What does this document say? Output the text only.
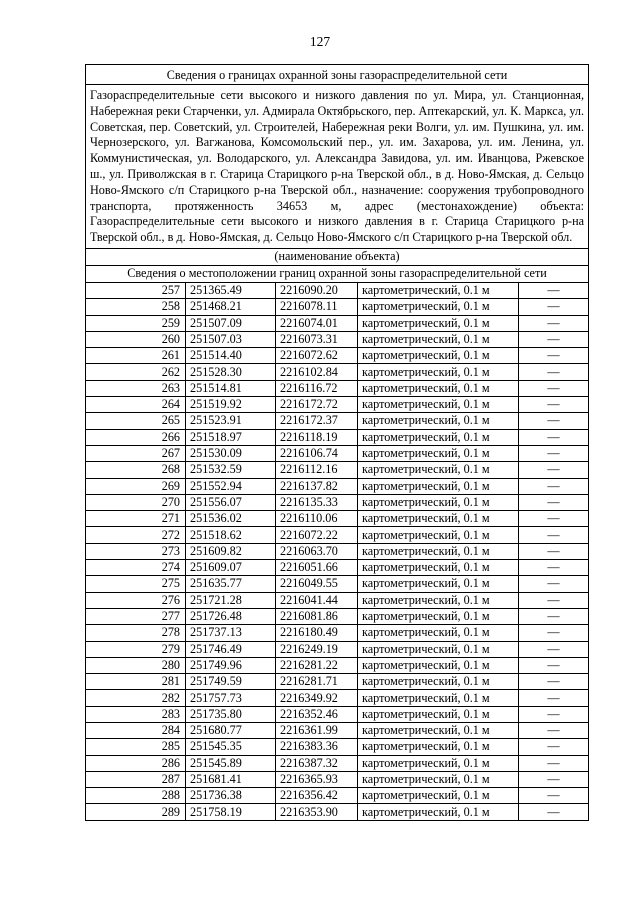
127
Сведения о границах охранной зоны газораспределительной сети				
Газораспределительные сети высокого и низкого давления по ул. Мира, ул. Станционная, Набережная реки Старченки, ул. Адмирала Октябрьского, пер. Аптекарский, ул. К. Маркса, ул. Советская, пер. Советский, ул. Строителей, Набережная реки Волги, ул. им. Пушкина, ул. им. Чернозерского, ул. Вагжанова, Комсомольский пер., ул. им. Захарова, ул. им. Ленина, ул. Коммунистическая, ул. Володарского, ул. Александра Завидова, ул. им. Иванцова, Ржевское ш., ул. Приволжская в г. Старица Старицкого р-на Тверской обл., в д. Ново-Ямская, д. Сельцо Ново-Ямского с/п Старицкого р-на Тверской обл., назначение: сооружения трубопроводного транспорта, протяженность 34653 м, адрес (местонахождение) объекта: Газораспределительные сети высокого и низкого давления в г. Старица Старицкого р-на Тверской обл., в д. Ново-Ямская, д. Сельцо Ново-Ямского с/п Старицкого р-на Тверской обл.				
(наименование объекта)				
Сведения о местоположении границ охранной зоны газораспределительной сети				
257	251365.49	2216090.20	картометрический, 0.1 м	—
258	251468.21	2216078.11	картометрический, 0.1 м	—
259	251507.09	2216074.01	картометрический, 0.1 м	—
260	251507.03	2216073.31	картометрический, 0.1 м	—
261	251514.40	2216072.62	картометрический, 0.1 м	—
262	251528.30	2216102.84	картометрический, 0.1 м	—
263	251514.81	2216116.72	картометрический, 0.1 м	—
264	251519.92	2216172.72	картометрический, 0.1 м	—
265	251523.91	2216172.37	картометрический, 0.1 м	—
266	251518.97	2216118.19	картометрический, 0.1 м	—
267	251530.09	2216106.74	картометрический, 0.1 м	—
268	251532.59	2216112.16	картометрический, 0.1 м	—
269	251552.94	2216137.82	картометрический, 0.1 м	—
270	251556.07	2216135.33	картометрический, 0.1 м	—
271	251536.02	2216110.06	картометрический, 0.1 м	—
272	251518.62	2216072.22	картометрический, 0.1 м	—
273	251609.82	2216063.70	картометрический, 0.1 м	—
274	251609.07	2216051.66	картометрический, 0.1 м	—
275	251635.77	2216049.55	картометрический, 0.1 м	—
276	251721.28	2216041.44	картометрический, 0.1 м	—
277	251726.48	2216081.86	картометрический, 0.1 м	—
278	251737.13	2216180.49	картометрический, 0.1 м	—
279	251746.49	2216249.19	картометрический, 0.1 м	—
280	251749.96	2216281.22	картометрический, 0.1 м	—
281	251749.59	2216281.71	картометрический, 0.1 м	—
282	251757.73	2216349.92	картометрический, 0.1 м	—
283	251735.80	2216352.46	картометрический, 0.1 м	—
284	251680.77	2216361.99	картометрический, 0.1 м	—
285	251545.35	2216383.36	картометрический, 0.1 м	—
286	251545.89	2216387.32	картометрический, 0.1 м	—
287	251681.41	2216365.93	картометрический, 0.1 м	—
288	251736.38	2216356.42	картометрический, 0.1 м	—
289	251758.19	2216353.90	картометрический, 0.1 м	—
